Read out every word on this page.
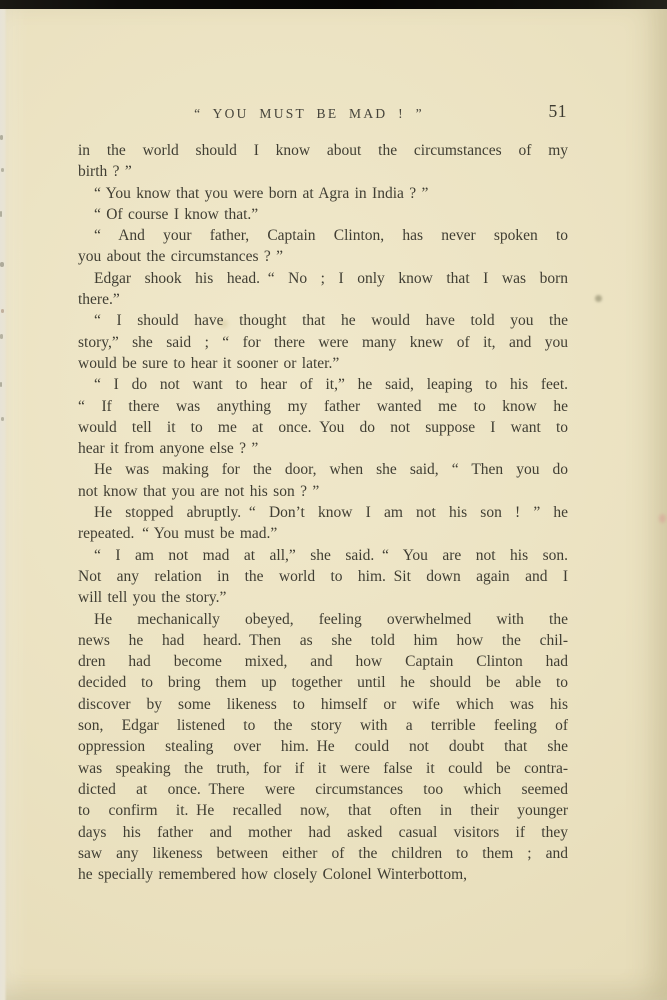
“ YOU MUST BE MAD ! ”	51
in the world should I know about the circumstances of my
birth ? ”
“ You know that you were born at Agra in India ? ”
“ Of course I know that.”
“ And your father, Captain Clinton, has never spoken to
you about the circumstances ? ”
Edgar shook his head. “ No ; I only know that I was born
there.”
“ I should have thought that he would have told you the
story,” she said ; “ for there were many knew of it, and you
would be sure to hear it sooner or later.”
“ I do not want to hear of it,” he said, leaping to his feet.
“ If there was anything my father wanted me to know he
would tell it to me at once. You do not suppose I want to
hear it from anyone else ? ”
He was making for the door, when she said, “ Then you do
not know that you are not his son ? ”
He stopped abruptly. “ Don’t know I am not his son ! ” he
repeated. “ You must be mad.”
“ I am not mad at all,” she said. “ You are not his son.
Not any relation in the world to him. Sit down again and I
will tell you the story.”
He mechanically obeyed, feeling overwhelmed with the
news he had heard. Then as she told him how the chil-
dren had become mixed, and how Captain Clinton had
decided to bring them up together until he should be able to
discover by some likeness to himself or wife which was his
son, Edgar listened to the story with a terrible feeling of
oppression stealing over him. He could not doubt that she
was speaking the truth, for if it were false it could be contra-
dicted at once. There were circumstances too which seemed
to confirm it. He recalled now, that often in their younger
days his father and mother had asked casual visitors if they
saw any likeness between either of the children to them ; and
he specially remembered how closely Colonel Winterbottom,
